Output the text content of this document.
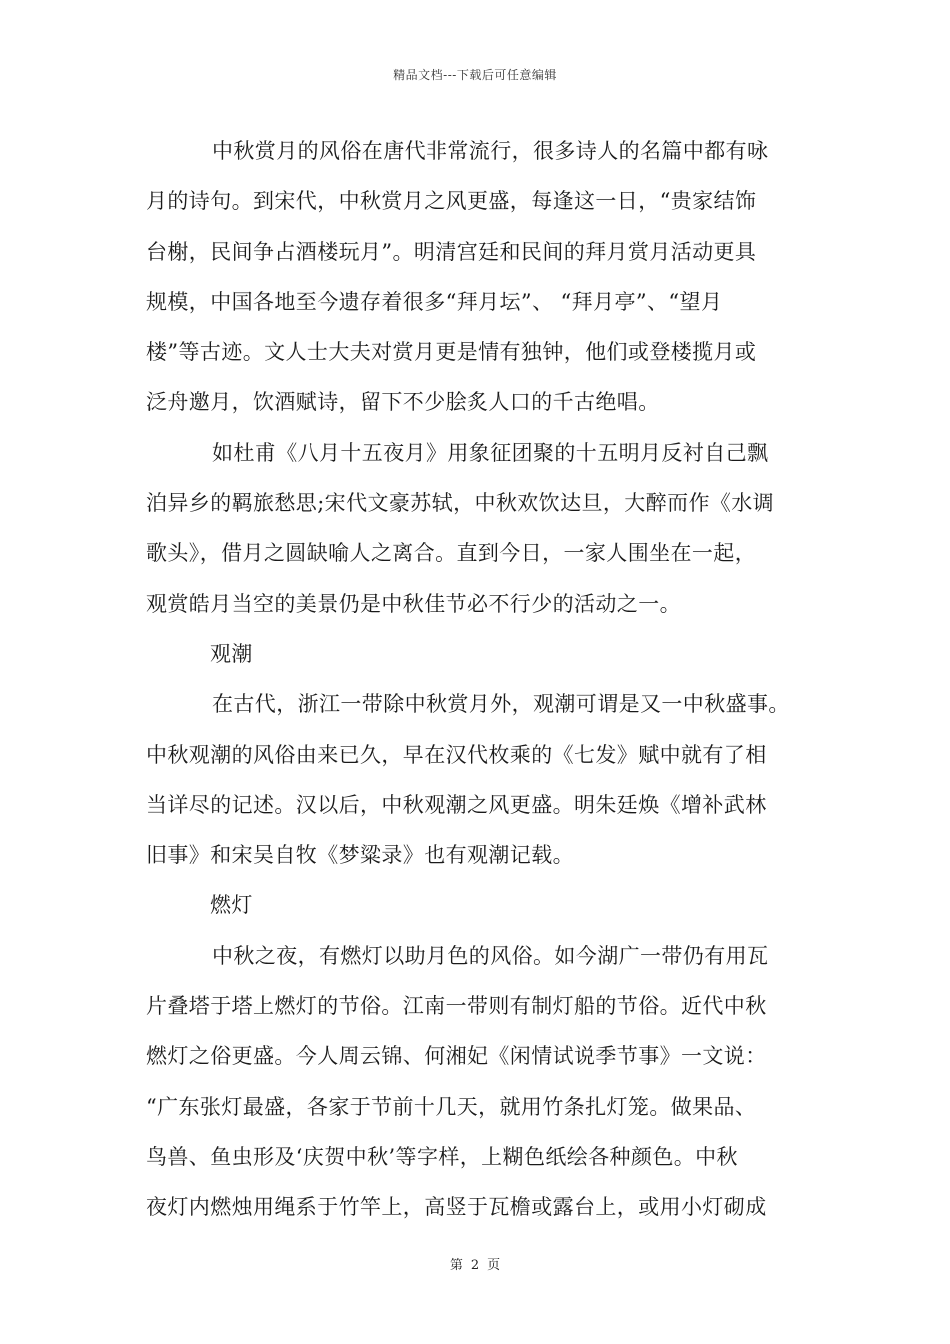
精品文档---下载后可任意编辑
中秋赏月的风俗在唐代非常流行，很多诗人的名篇中都有咏
月的诗句。到宋代，中秋赏月之风更盛，每逢这一日，“贵家结饰
台榭，民间争占酒楼玩月”。明清宫廷和民间的拜月赏月活动更具
规模，中国各地至今遗存着很多“拜月坛”、 “拜月亭”、“望月
楼”等古迹。文人士大夫对赏月更是情有独钟，他们或登楼揽月或
泛舟邀月，饮酒赋诗，留下不少脍炙人口的千古绝唱。
如杜甫《八月十五夜月》用象征团聚的十五明月反衬自己飘
泊异乡的羁旅愁思;宋代文豪苏轼，中秋欢饮达旦，大醉而作《水调
歌头》，借月之圆缺喻人之离合。直到今日，一家人围坐在一起，
观赏皓月当空的美景仍是中秋佳节必不行少的活动之一。
观潮
在古代，浙江一带除中秋赏月外，观潮可谓是又一中秋盛事。
中秋观潮的风俗由来已久，早在汉代枚乘的《七发》赋中就有了相
当详尽的记述。汉以后，中秋观潮之风更盛。明朱廷焕《增补武林
旧事》和宋吴自牧《梦粱录》也有观潮记载。
燃灯
中秋之夜，有燃灯以助月色的风俗。如今湖广一带仍有用瓦
片叠塔于塔上燃灯的节俗。江南一带则有制灯船的节俗。近代中秋
燃灯之俗更盛。今人周云锦、何湘妃《闲情试说季节事》一文说：
“广东张灯最盛，各家于节前十几天，就用竹条扎灯笼。做果品、
鸟兽、鱼虫形及‘庆贺中秋’等字样，上糊色纸绘各种颜色。中秋
夜灯内燃烛用绳系于竹竿上，高竖于瓦檐或露台上，或用小灯砌成
第 2 页
